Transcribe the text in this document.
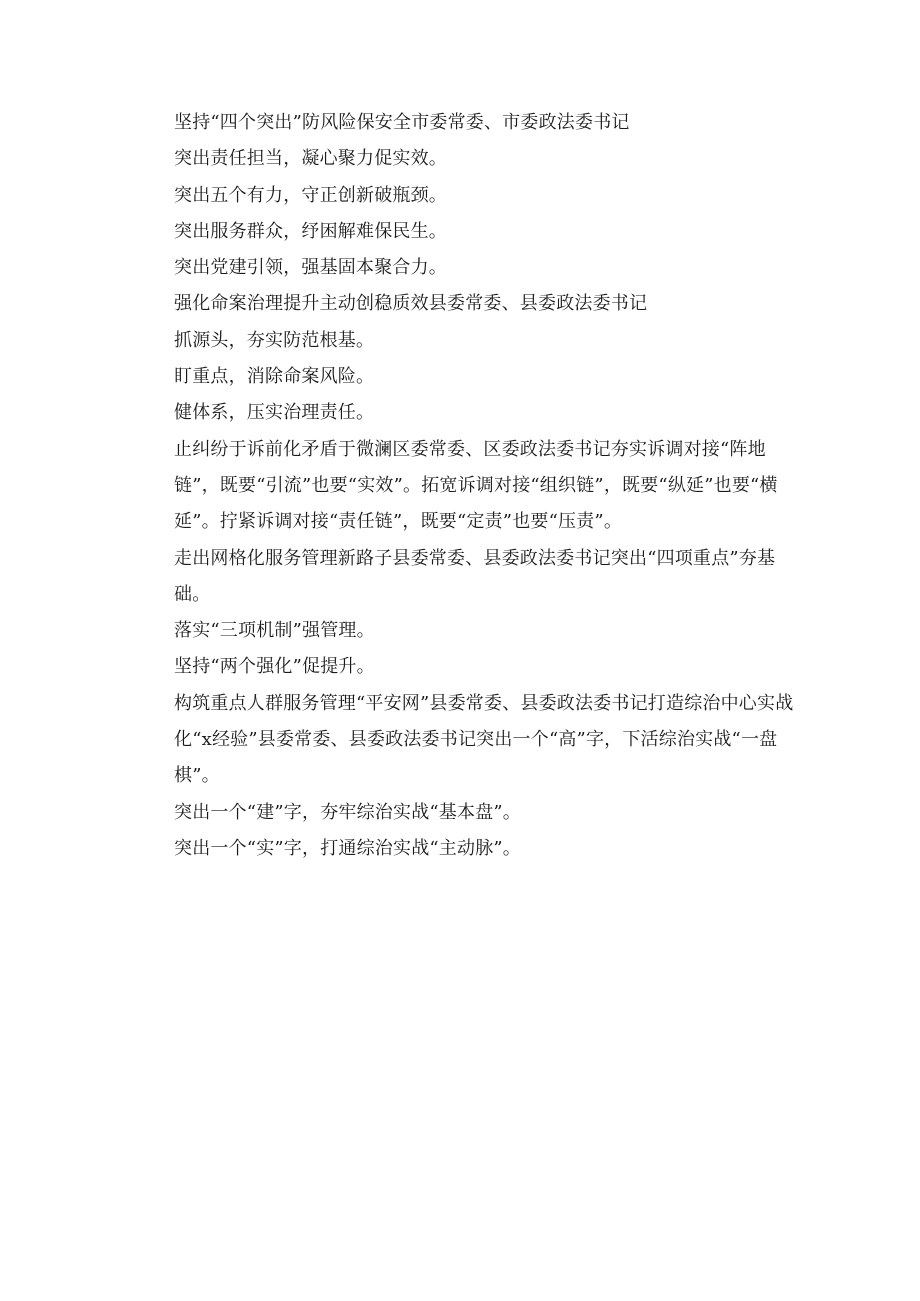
坚持“四个突出”防风险保安全市委常委、市委政法委书记

突出责任担当，凝心聚力促实效。

突出五个有力，守正创新破瓶颈。

突出服务群众，纾困解难保民生。

突出党建引领，强基固本聚合力。

强化命案治理提升主动创稳质效县委常委、县委政法委书记

抓源头，夯实防范根基。

盯重点，消除命案风险。

健体系，压实治理责任。

止纠纷于诉前化矛盾于微澜区委常委、区委政法委书记夯实诉调对接“阵地链”，既要“引流”也要“实效”。拓宽诉调对接“组织链”，既要“纵延”也要“横延”。拧紧诉调对接“责任链”，既要“定责”也要“压责”。

走出网格化服务管理新路子县委常委、县委政法委书记突出“四项重点”夯基础。

落实“三项机制”强管理。

坚持“两个强化”促提升。

构筑重点人群服务管理“平安网”县委常委、县委政法委书记打造综治中心实战化“x经验”县委常委、县委政法委书记突出一个“高”字，下活综治实战“一盘棋”。

突出一个“建”字，夯牢综治实战“基本盘”。

突出一个“实”字，打通综治实战“主动脉”。
